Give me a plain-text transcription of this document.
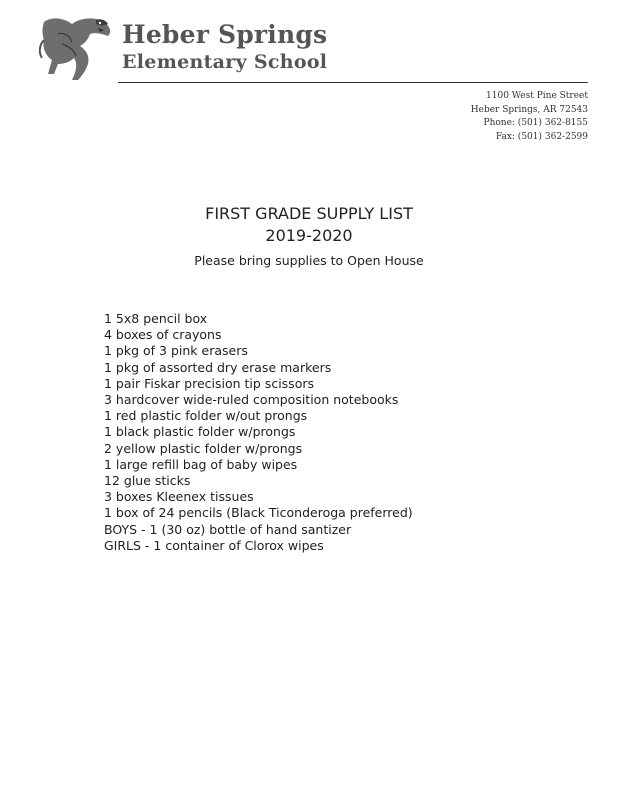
Heber Springs
Elementary School
1100 West Pine Street
Heber Springs, AR 72543
Phone: (501) 362-8155
Fax: (501) 362-2599
FIRST GRADE SUPPLY LIST
2019-2020
Please bring supplies to Open House
1 5x8 pencil box
4 boxes of crayons
1 pkg of 3 pink erasers
1 pkg of assorted dry erase markers
1 pair Fiskar precision tip scissors
3 hardcover wide-ruled composition notebooks
1 red plastic folder w/out prongs
1 black plastic folder w/prongs
2 yellow plastic folder w/prongs
1 large refill bag of baby wipes
12 glue sticks
3 boxes Kleenex tissues
1 box of 24 pencils (Black Ticonderoga preferred)
BOYS - 1 (30 oz) bottle of hand santizer
GIRLS - 1 container of Clorox wipes
